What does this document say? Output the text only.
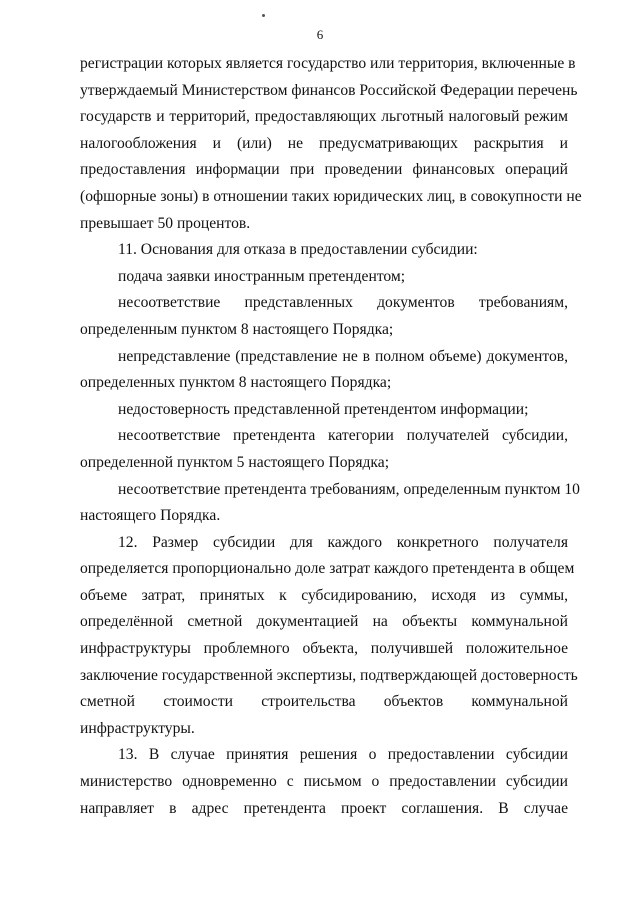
6
регистрации которых является государство или территория, включенные в
утверждаемый Министерством финансов Российской Федерации перечень
государств и территорий, предоставляющих льготный налоговый режим
налогообложения и (или) не предусматривающих раскрытия и
предоставления информации при проведении финансовых операций
(офшорные зоны) в отношении таких юридических лиц, в совокупности не
превышает 50 процентов.
11. Основания для отказа в предоставлении субсидии:
подача заявки иностранным претендентом;
несоответствие представленных документов требованиям,
определенным пунктом 8 настоящего Порядка;
непредставление (представление не в полном объеме) документов,
определенных пунктом 8 настоящего Порядка;
недостоверность представленной претендентом информации;
несоответствие претендента категории получателей субсидии,
определенной пунктом 5 настоящего Порядка;
несоответствие претендента требованиям, определенным пунктом 10
настоящего Порядка.
12. Размер субсидии для каждого конкретного получателя
определяется пропорционально доле затрат каждого претендента в общем
объеме затрат, принятых к субсидированию, исходя из суммы,
определённой сметной документацией на объекты коммунальной
инфраструктуры проблемного объекта, получившей положительное
заключение государственной экспертизы, подтверждающей достоверность
сметной стоимости строительства объектов коммунальной
инфраструктуры.
13. В случае принятия решения о предоставлении субсидии
министерство одновременно с письмом о предоставлении субсидии
направляет в адрес претендента проект соглашения. В случае
